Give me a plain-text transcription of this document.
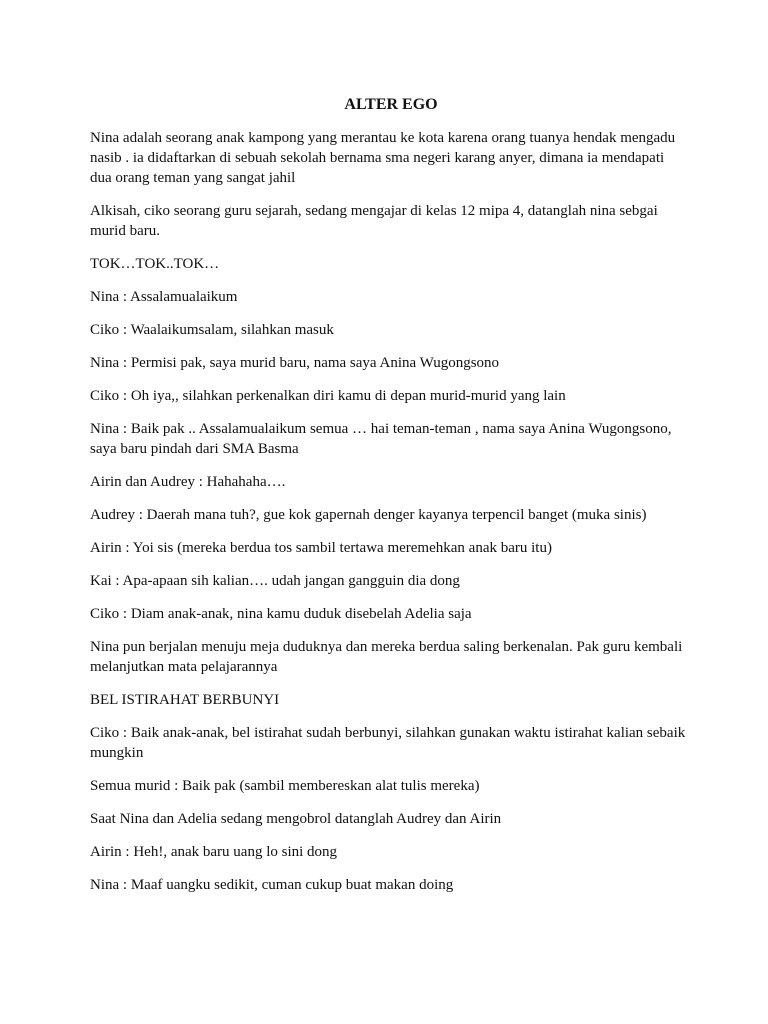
ALTER EGO

Nina adalah seorang anak kampong yang merantau ke kota karena orang tuanya hendak mengadu nasib . ia didaftarkan di sebuah sekolah bernama sma negeri karang anyer, dimana ia mendapati dua orang teman yang sangat jahil

Alkisah, ciko seorang guru sejarah, sedang mengajar di kelas 12 mipa 4, datanglah nina sebgai murid baru.

TOK…TOK..TOK…

Nina : Assalamualaikum

Ciko : Waalaikumsalam, silahkan masuk

Nina : Permisi pak, saya murid baru, nama saya Anina Wugongsono

Ciko : Oh iya,, silahkan perkenalkan diri kamu di depan murid-murid yang lain

Nina : Baik pak .. Assalamualaikum semua … hai teman-teman , nama saya Anina Wugongsono, saya baru pindah dari SMA Basma

Airin dan Audrey : Hahahaha….

Audrey : Daerah mana tuh?, gue kok gapernah denger kayanya terpencil banget (muka sinis)

Airin : Yoi sis (mereka berdua tos sambil tertawa meremehkan anak baru itu)

Kai : Apa-apaan sih kalian…. udah jangan gangguin dia dong

Ciko : Diam anak-anak, nina kamu duduk disebelah Adelia saja

Nina pun berjalan menuju meja duduknya dan mereka berdua saling berkenalan. Pak guru kembali melanjutkan mata pelajarannya

BEL ISTIRAHAT BERBUNYI

Ciko : Baik anak-anak, bel istirahat sudah berbunyi, silahkan gunakan waktu istirahat kalian sebaik mungkin

Semua murid : Baik pak (sambil membereskan alat tulis mereka)

Saat Nina dan Adelia sedang mengobrol datanglah Audrey dan Airin

Airin : Heh!, anak baru uang lo sini dong

Nina : Maaf uangku sedikit, cuman cukup buat makan doing
